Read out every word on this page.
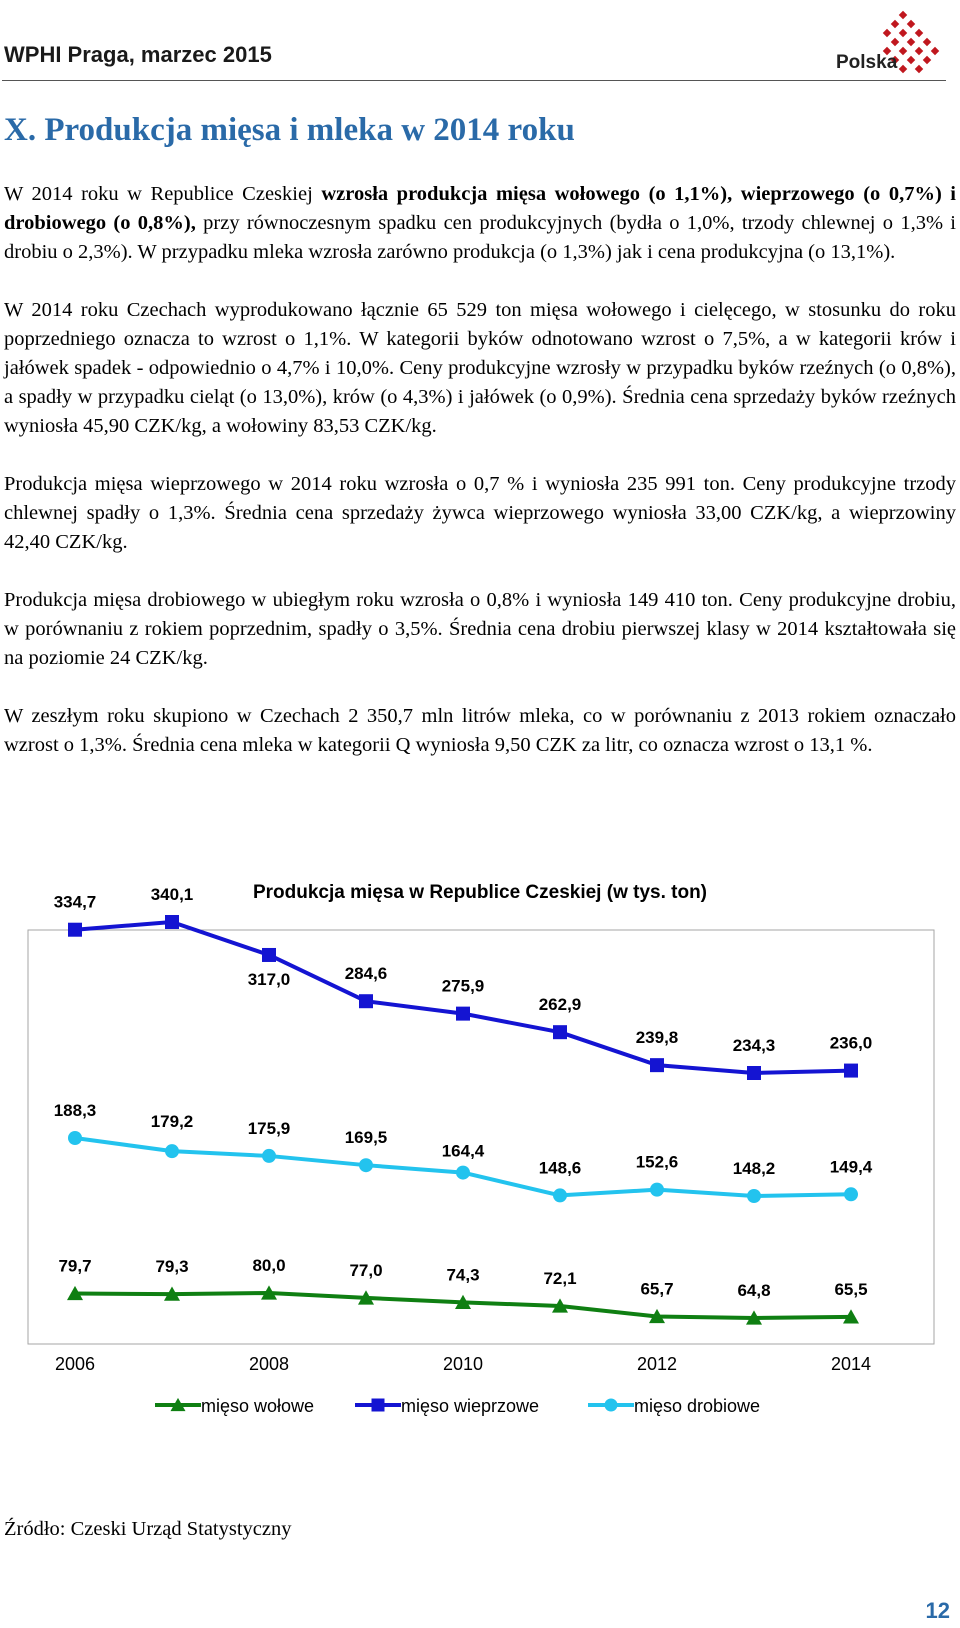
WPHI Praga, marzec 2015	Polska
X. Produkcja mięsa i mleka w 2014 roku

W 2014 roku w Republice Czeskiej wzrosła produkcja mięsa wołowego (o 1,1%), wieprzowego (o 0,7%) i drobiowego (o 0,8%), przy równoczesnym spadku cen produkcyjnych (bydła o 1,0%, trzody chlewnej o 1,3% i drobiu o 2,3%). W przypadku mleka wzrosła zarówno produkcja (o 1,3%) jak i cena produkcyjna (o 13,1%).

W 2014 roku Czechach wyprodukowano łącznie 65 529 ton mięsa wołowego i cielęcego, w stosunku do roku poprzedniego oznacza to wzrost o 1,1%. W kategorii byków odnotowano wzrost o 7,5%, a w kategorii krów i jałówek spadek - odpowiednio o 4,7% i 10,0%. Ceny produkcyjne wzrosły w przypadku byków rzeźnych (o 0,8%), a spadły w przypadku cieląt (o 13,0%), krów (o 4,3%) i jałówek (o 0,9%). Średnia cena sprzedaży byków rzeźnych wyniosła 45,90 CZK/kg, a wołowiny 83,53 CZK/kg.

Produkcja mięsa wieprzowego w 2014 roku wzrosła o 0,7 % i wyniosła 235 991 ton. Ceny produkcyjne trzody chlewnej spadły o 1,3%. Średnia cena sprzedaży żywca wieprzowego wyniosła 33,00 CZK/kg, a wieprzowiny 42,40 CZK/kg.

Produkcja mięsa drobiowego w ubiegłym roku wzrosła o 0,8% i wyniosła 149 410 ton. Ceny produkcyjne drobiu, w porównaniu z rokiem poprzednim, spadły o 3,5%. Średnia cena drobiu pierwszej klasy w 2014 kształtowała się na poziomie 24 CZK/kg.

W zeszłym roku skupiono w Czechach 2 350,7 mln litrów mleka, co w porównaniu z 2013 rokiem oznaczało wzrost o 1,3%. Średnia cena mleka w kategorii Q wyniosła 9,50 CZK za litr, co oznacza wzrost o 13,1 %.

Produkcja mięsa w Republice Czeskiej (w tys. ton)
79,7	79,3	80,0	77,0	74,3	72,1
65,7	64,8	65,5
334,7	340,1
317,0	284,6
275,9
262,9
239,8	234,3	236,0
188,3
179,2	175,9	169,5
164,4
148,6	152,6	148,2	149,4
2006	2008	2010	2012	2014
mięso wołowe	mięso wieprzowe	mięso drobiowe
Źródło: Czeski Urząd Statystyczny
12
